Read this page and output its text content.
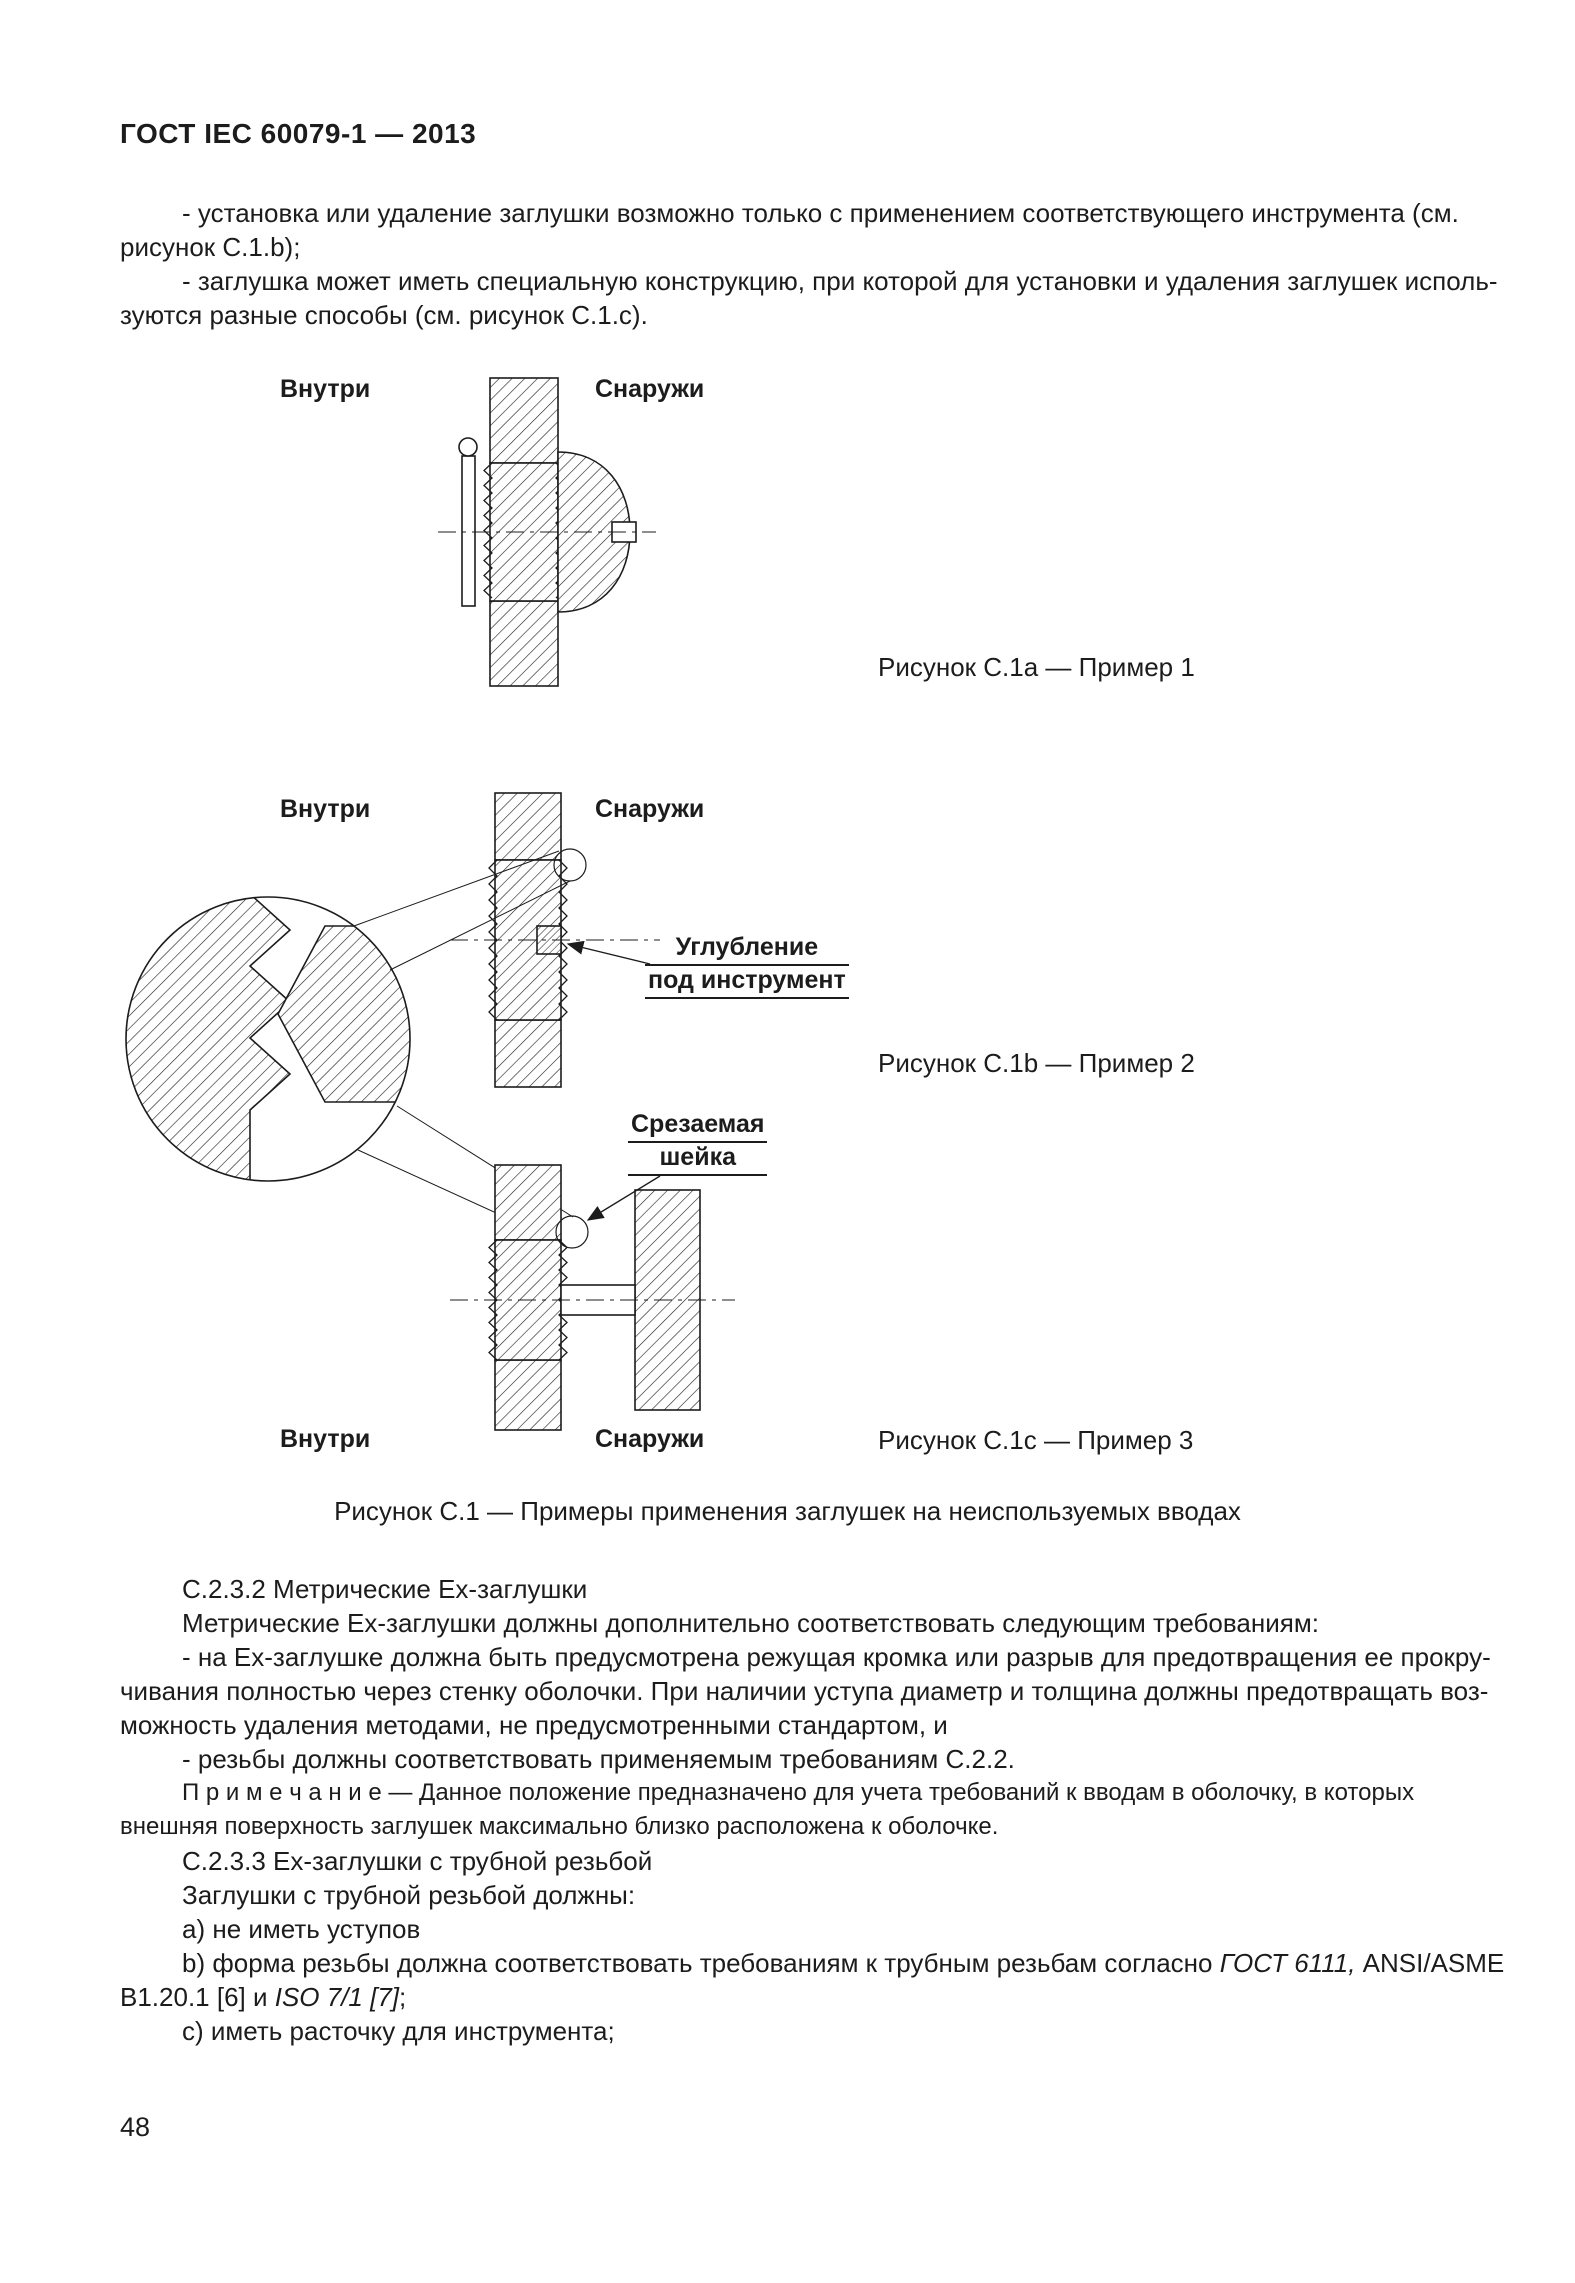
ГОСТ IEC 60079-1 — 2013
- установка или удаление заглушки возможно только с применением соответствующего инструмента (см.
рисунок С.1.b);
- заглушка может иметь специальную конструкцию, при которой для установки и удаления заглушек исполь-
зуются разные способы (см. рисунок С.1.с).
Внутри	Снаружи
Рисунок С.1а — Пример 1
Внутри	Снаружи
Углубление
под инструмент
Рисунок С.1b — Пример 2
Срезаемая
шейка
Внутри	Снаружи	Рисунок С.1с — Пример 3
Рисунок С.1 — Примеры применения заглушек на неиспользуемых вводах
С.2.3.2 Метрические Ех-заглушки
Метрические Ех-заглушки должны дополнительно соответствовать следующим требованиям:
- на Ех-заглушке должна быть предусмотрена режущая кромка или разрыв для предотвращения ее прокру-
чивания полностью через стенку оболочки. При наличии уступа диаметр и толщина должны предотвращать воз-
можность удаления методами, не предусмотренными стандартом, и
- резьбы должны соответствовать применяемым требованиям С.2.2.
П р и м е ч а н и е — Данное положение предназначено для учета требований к вводам в оболочку, в которых
внешняя поверхность заглушек максимально близко расположена к оболочке.
С.2.3.3 Ех-заглушки с трубной резьбой
Заглушки с трубной резьбой должны:
a) не иметь уступов
b) форма резьбы должна соответствовать требованиям к трубным резьбам согласно ГОСТ 6111, ANSI/ASME
B1.20.1 [6] и ISO 7/1 [7];
c) иметь расточку для инструмента;
48
